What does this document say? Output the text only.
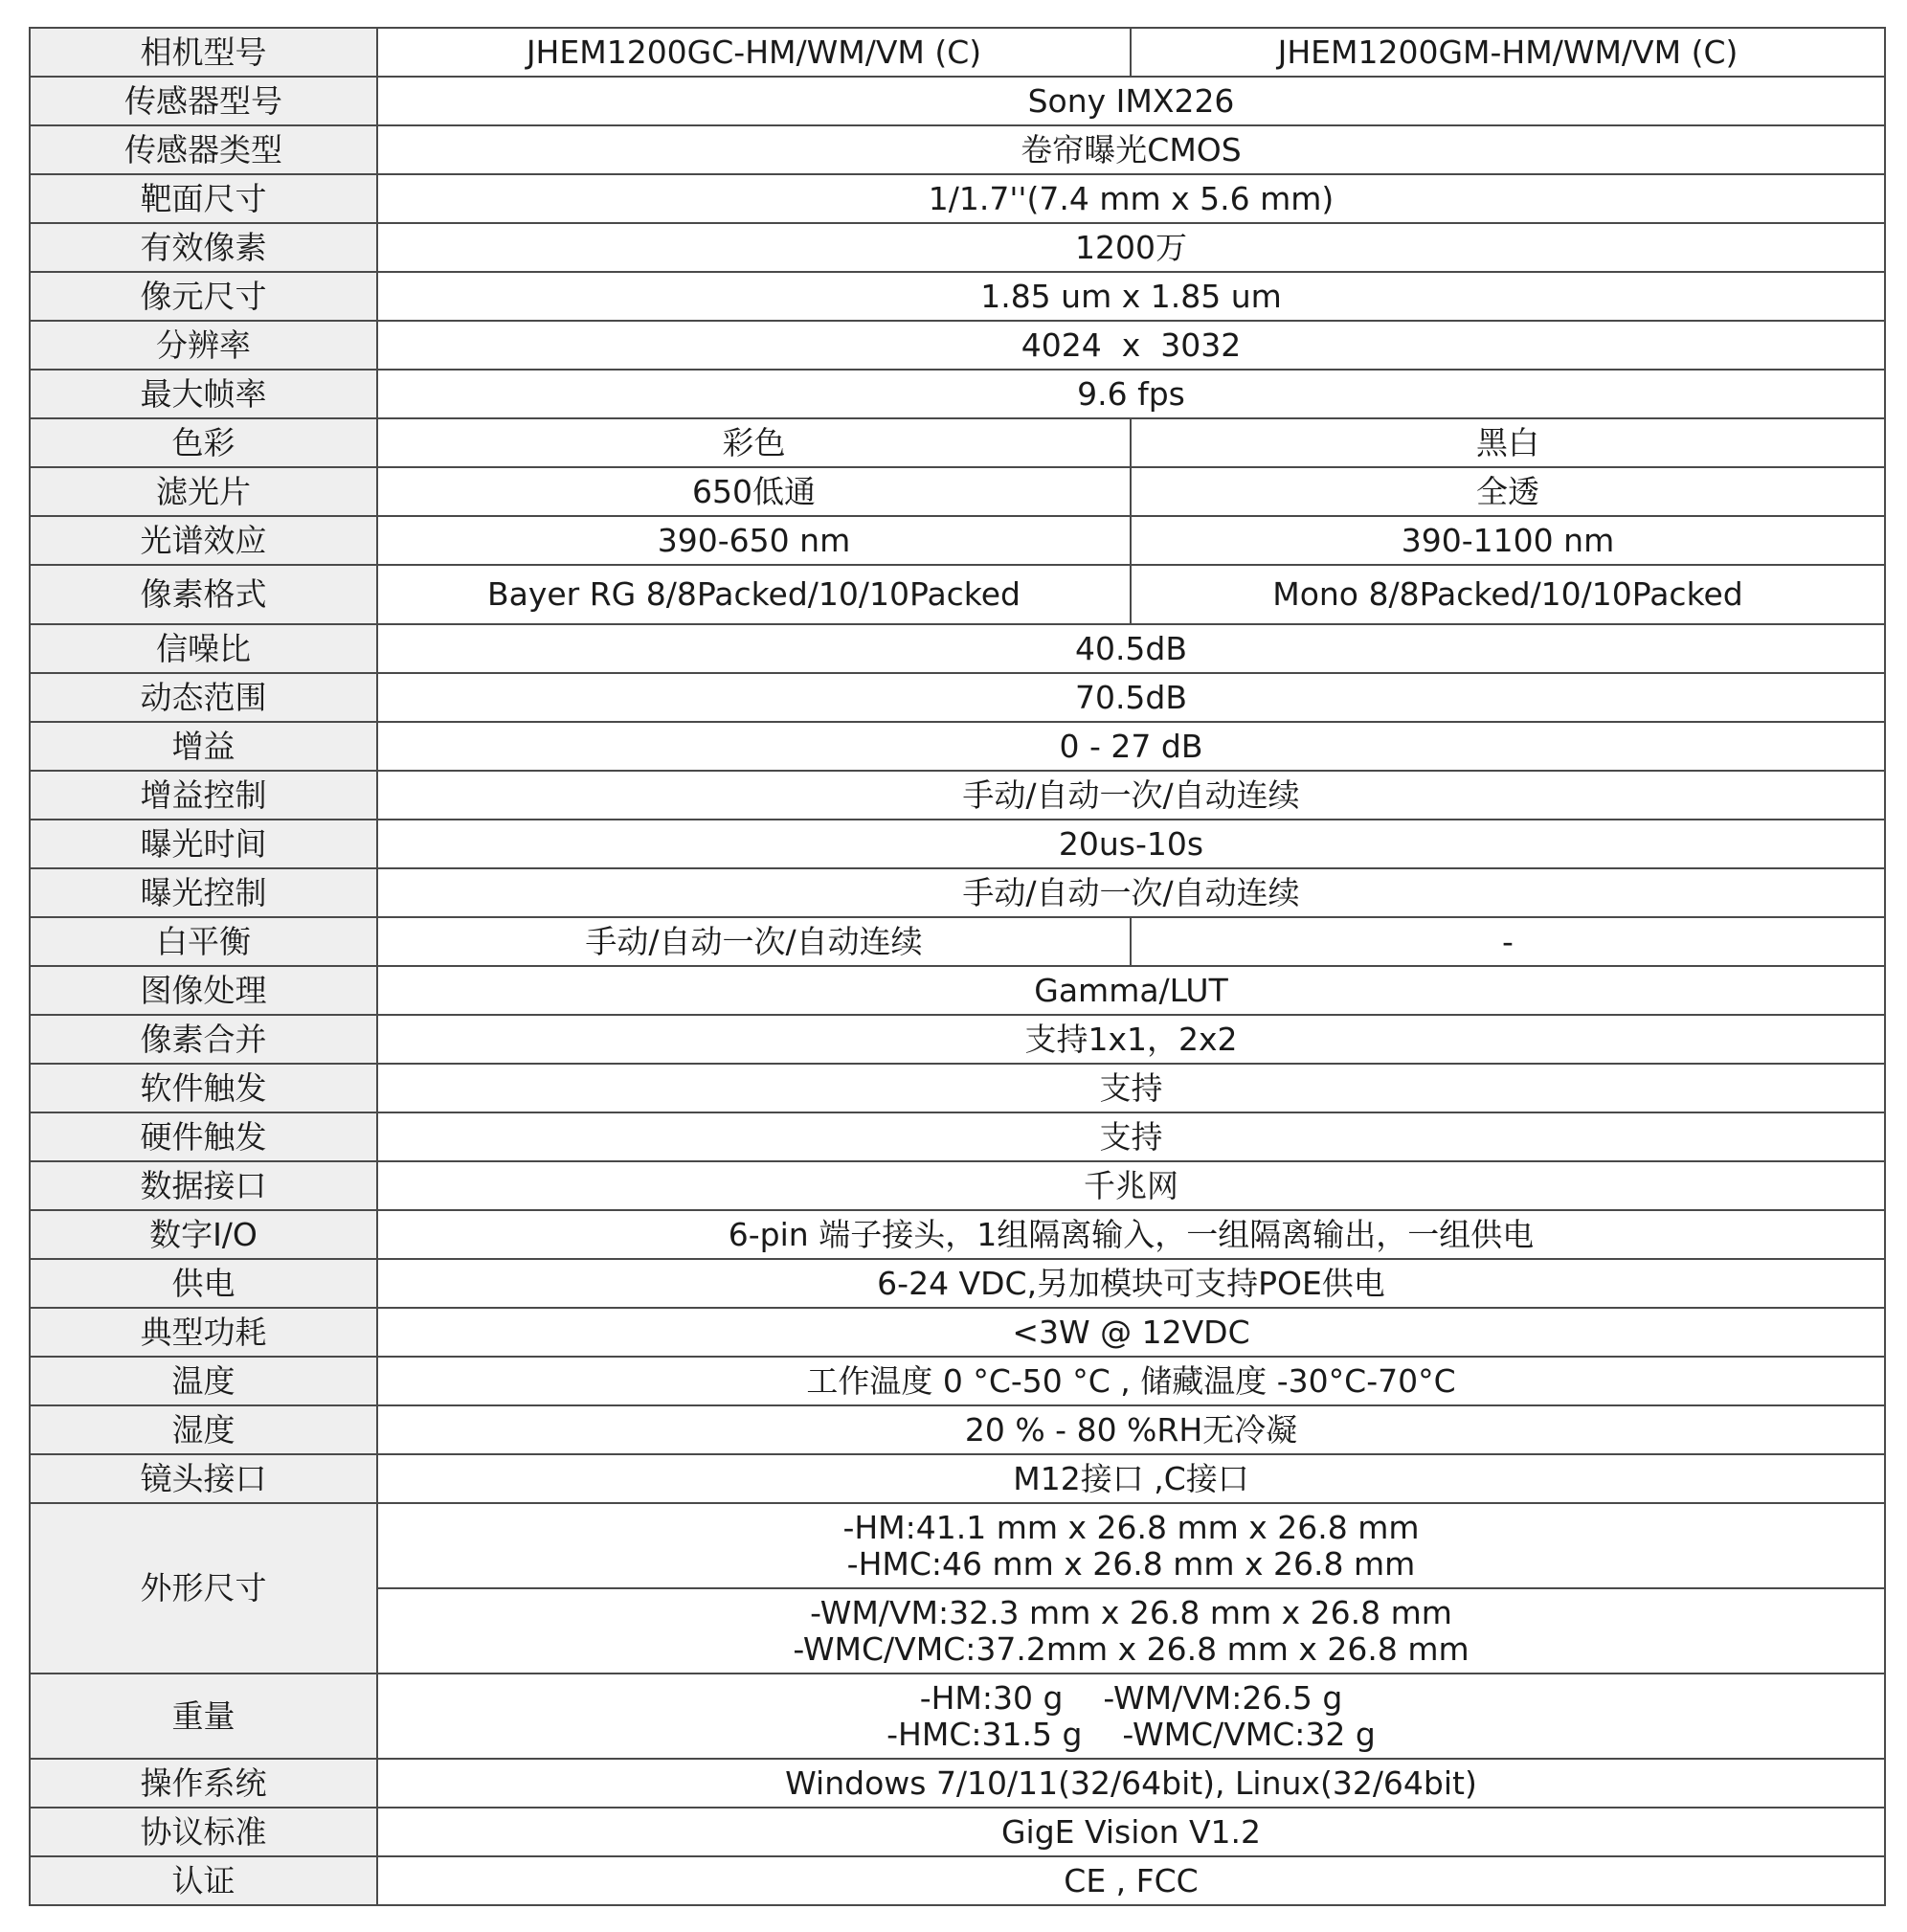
相机型号	JHEM1200GC-HM/WM/VM (C)	JHEM1200GM-HM/WM/VM (C)
传感器型号	Sony IMX226	
传感器类型	卷帘曝光CMOS	
靶面尺寸	1/1.7''(7.4 mm x 5.6 mm)	
有效像素	1200万	
像元尺寸	1.85 um x 1.85 um	
分辨率	4024  x  3032	
最大帧率	9.6 fps	
色彩	彩色	黑白
滤光片	650低通	全透
光谱效应	390-650 nm	390-1100 nm
像素格式	Bayer RG 8/8Packed/10/10Packed	Mono 8/8Packed/10/10Packed
信噪比	40.5dB	
动态范围	70.5dB	
增益	0 - 27 dB	
增益控制	手动/自动一次/自动连续	
曝光时间	20us-10s	
曝光控制	手动/自动一次/自动连续	
白平衡	手动/自动一次/自动连续	-
图像处理	Gamma/LUT	
像素合并	支持1x1，2x2	
软件触发	支持	
硬件触发	支持	
数据接口	千兆网	
数字I/O	6-pin 端子接头，1组隔离输入，一组隔离输出，一组供电	
供电	6-24 VDC,另加模块可支持POE供电	
典型功耗	<3W @ 12VDC	
温度	工作温度 0 °C-50 °C , 储藏温度 -30°C-70°C	
湿度	20 % - 80 %RH无冷凝	
镜头接口	M12接口 ,C接口	
外形尺寸	-HM:41.1 mm x 26.8 mm x 26.8 mm
-HMC:46 mm x 26.8 mm x 26.8 mm	

	-WM/VM:32.3 mm x 26.8 mm x 26.8 mm
-WMC/VMC:37.2mm x 26.8 mm x 26.8 mm	

重量	-HM:30 g    -WM/VM:26.5 g
-HMC:31.5 g    -WMC/VMC:32 g	

操作系统	Windows 7/10/11(32/64bit), Linux(32/64bit)	
协议标准	GigE Vision V1.2	
认证	CE , FCC	
